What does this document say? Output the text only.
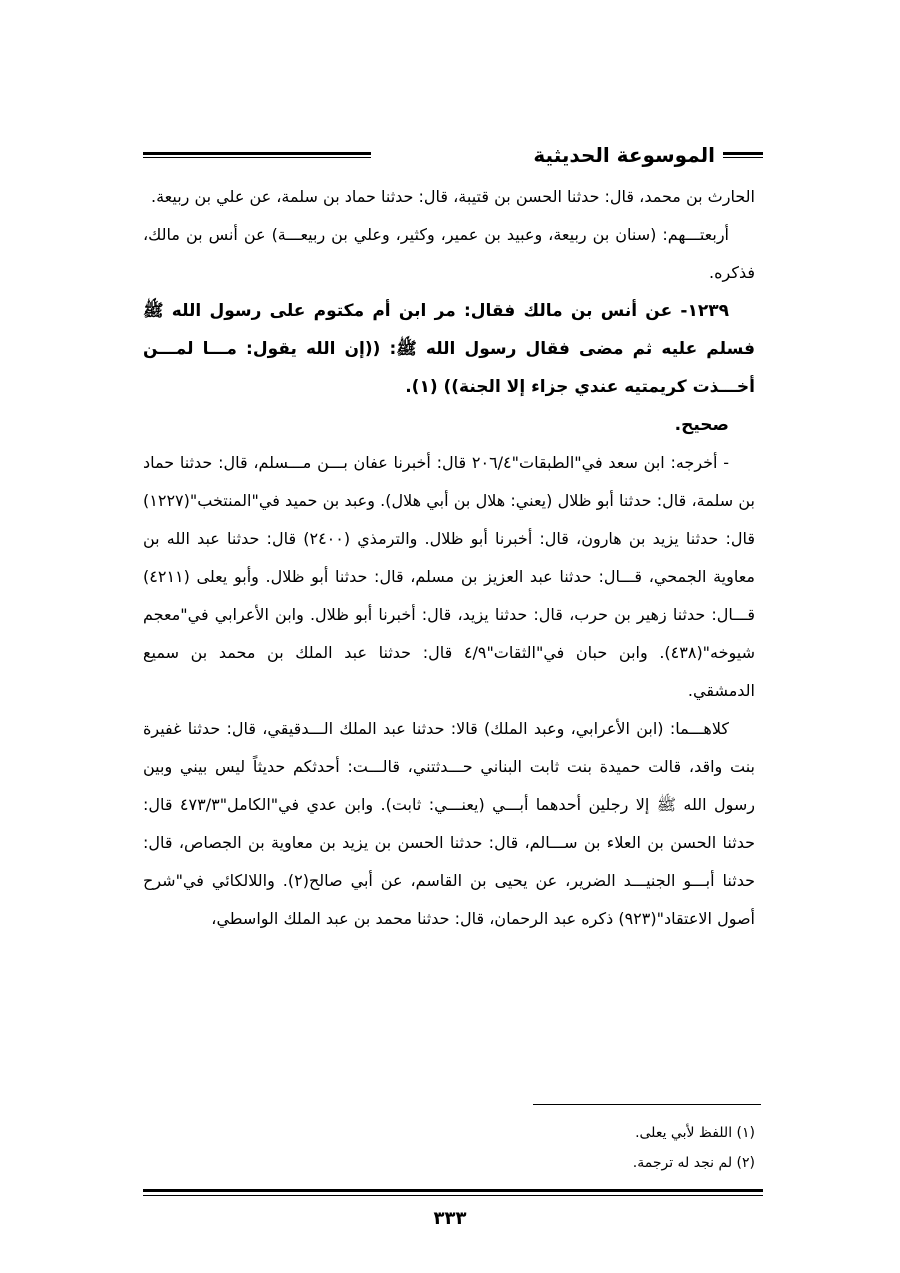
الموسوعة الحديثية

الحارث بن محمد، قال: حدثنا الحسن بن قتيبة، قال: حدثنا حماد بن سلمة، عن علي بن ربيعة.

أربعتـــهم: (سنان بن ربيعة، وعبيد بن عمير، وكثير، وعلي بن ربيعـــة) عن أنس بن مالك، فذكره.

١٢٣٩- عن أنس بن مالك فقال: مر ابن أم مكتوم على رسول الله ﷺ فسلم عليه ثم مضى فقال رسول الله ﷺ: ((إن الله يقول: مـــا لمـــن أخـــذت كريمتيه عندي جزاء إلا الجنة)) (١).

صحيح.

- أخرجه: ابن سعد في"الطبقات"٢٠٦/٤ قال: أخبرنا عفان بـــن مـــسلم، قال: حدثنا حماد بن سلمة، قال: حدثنا أبو ظلال (يعني: هلال بن أبي هلال). وعبد بن حميد في"المنتخب"(١٢٢٧) قال: حدثنا يزيد بن هارون، قال: أخبرنا أبو ظلال. والترمذي (٢٤٠٠) قال: حدثنا عبد الله بن معاوية الجمحي، قـــال: حدثنا عبد العزيز بن مسلم، قال: حدثنا أبو ظلال. وأبو يعلى (٤٢١١) قـــال: حدثنا زهير بن حرب، قال: حدثنا يزيد، قال: أخبرنا أبو ظلال. وابن الأعرابي في"معجم شيوخه"(٤٣٨). وابن حبان في"الثقات"٤/٩ قال: حدثنا عبد الملك بن محمد بن سميع الدمشقي.

كلاهـــما: (ابن الأعرابي، وعبد الملك) قالا: حدثنا عبد الملك الـــدقيقي، قال: حدثنا غفيرة بنت واقد، قالت حميدة بنت ثابت البناني حـــدثتني، قالـــت: أحدثكم حديثاً ليس بيني وبين رسول الله ﷺ إلا رجلين أحدهما أبـــي (يعنـــي: ثابت). وابن عدي في"الكامل"٤٧٣/٣ قال: حدثنا الحسن بن العلاء بن ســـالم، قال: حدثنا الحسن بن يزيد بن معاوية بن الجصاص، قال: حدثنا أبـــو الجنيـــد الضرير، عن يحيى بن القاسم، عن أبي صالح(٢). واللالكائي في"شرح أصول الاعتقاد"(٩٢٣) ذكره عبد الرحمان، قال: حدثنا محمد بن عبد الملك الواسطي،

(١) اللفظ لأبي يعلى.

(٢) لم نجد له ترجمة.

٣٣٣
